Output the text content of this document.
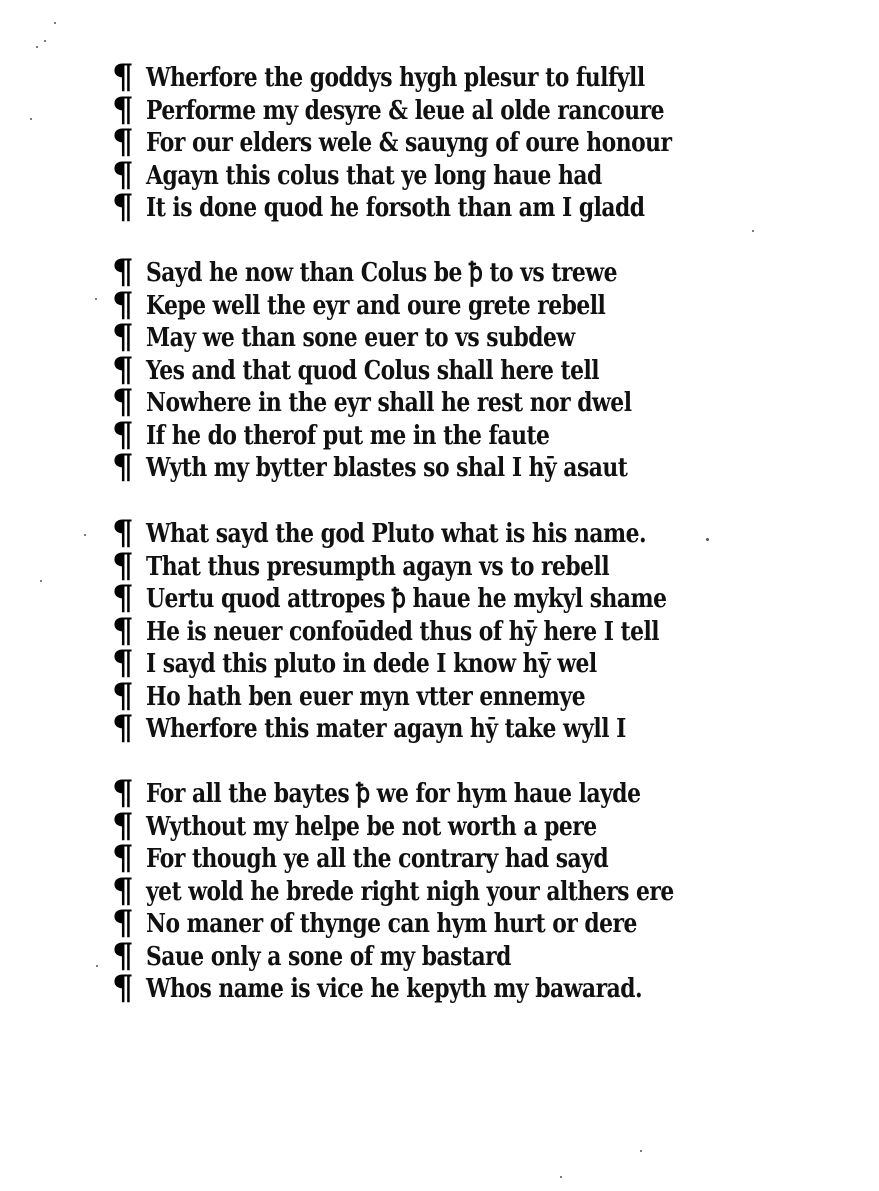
¶ Wherfore the goddys hygh plesur to fulfyll
¶ Performe my desyre & leue al olde rancoure
¶ For our elders wele & sauyng of oure honour
¶ Agayn this colus that ye long haue had
¶ It is done quod he forsoth than am I gladd
¶ Sayd he now than Colus be ꝥ to vs trewe
¶ Kepe well the eyr and oure grete rebell
¶ May we than sone euer to vs subdew
¶ Yes and that quod Colus shall here tell
¶ Nowhere in the eyr shall he rest nor dwel
¶ If he do therof put me in the faute
¶ Wyth my bytter blastes so shal I hȳ asaut
¶ What sayd the god Pluto what is his name.
¶ That thus presumpth agayn vs to rebell
¶ Uertu quod attropes ꝥ haue he mykyl shame
¶ He is neuer confoūded thus of hȳ here I tell
¶ I sayd this pluto in dede I know hȳ wel
¶ Ho hath ben euer myn vtter ennemye
¶ Wherfore this mater agayn hȳ take wyll I
¶ For all the baytes ꝥ we for hym haue layde
¶ Wythout my helpe be not worth a pere
¶ For though ye all the contrary had sayd
¶ yet wold he brede right nigh your althers ere
¶ No maner of thynge can hym hurt or dere
¶ Saue only a sone of my bastard
¶ Whos name is vice he kepyth my bawarad.
